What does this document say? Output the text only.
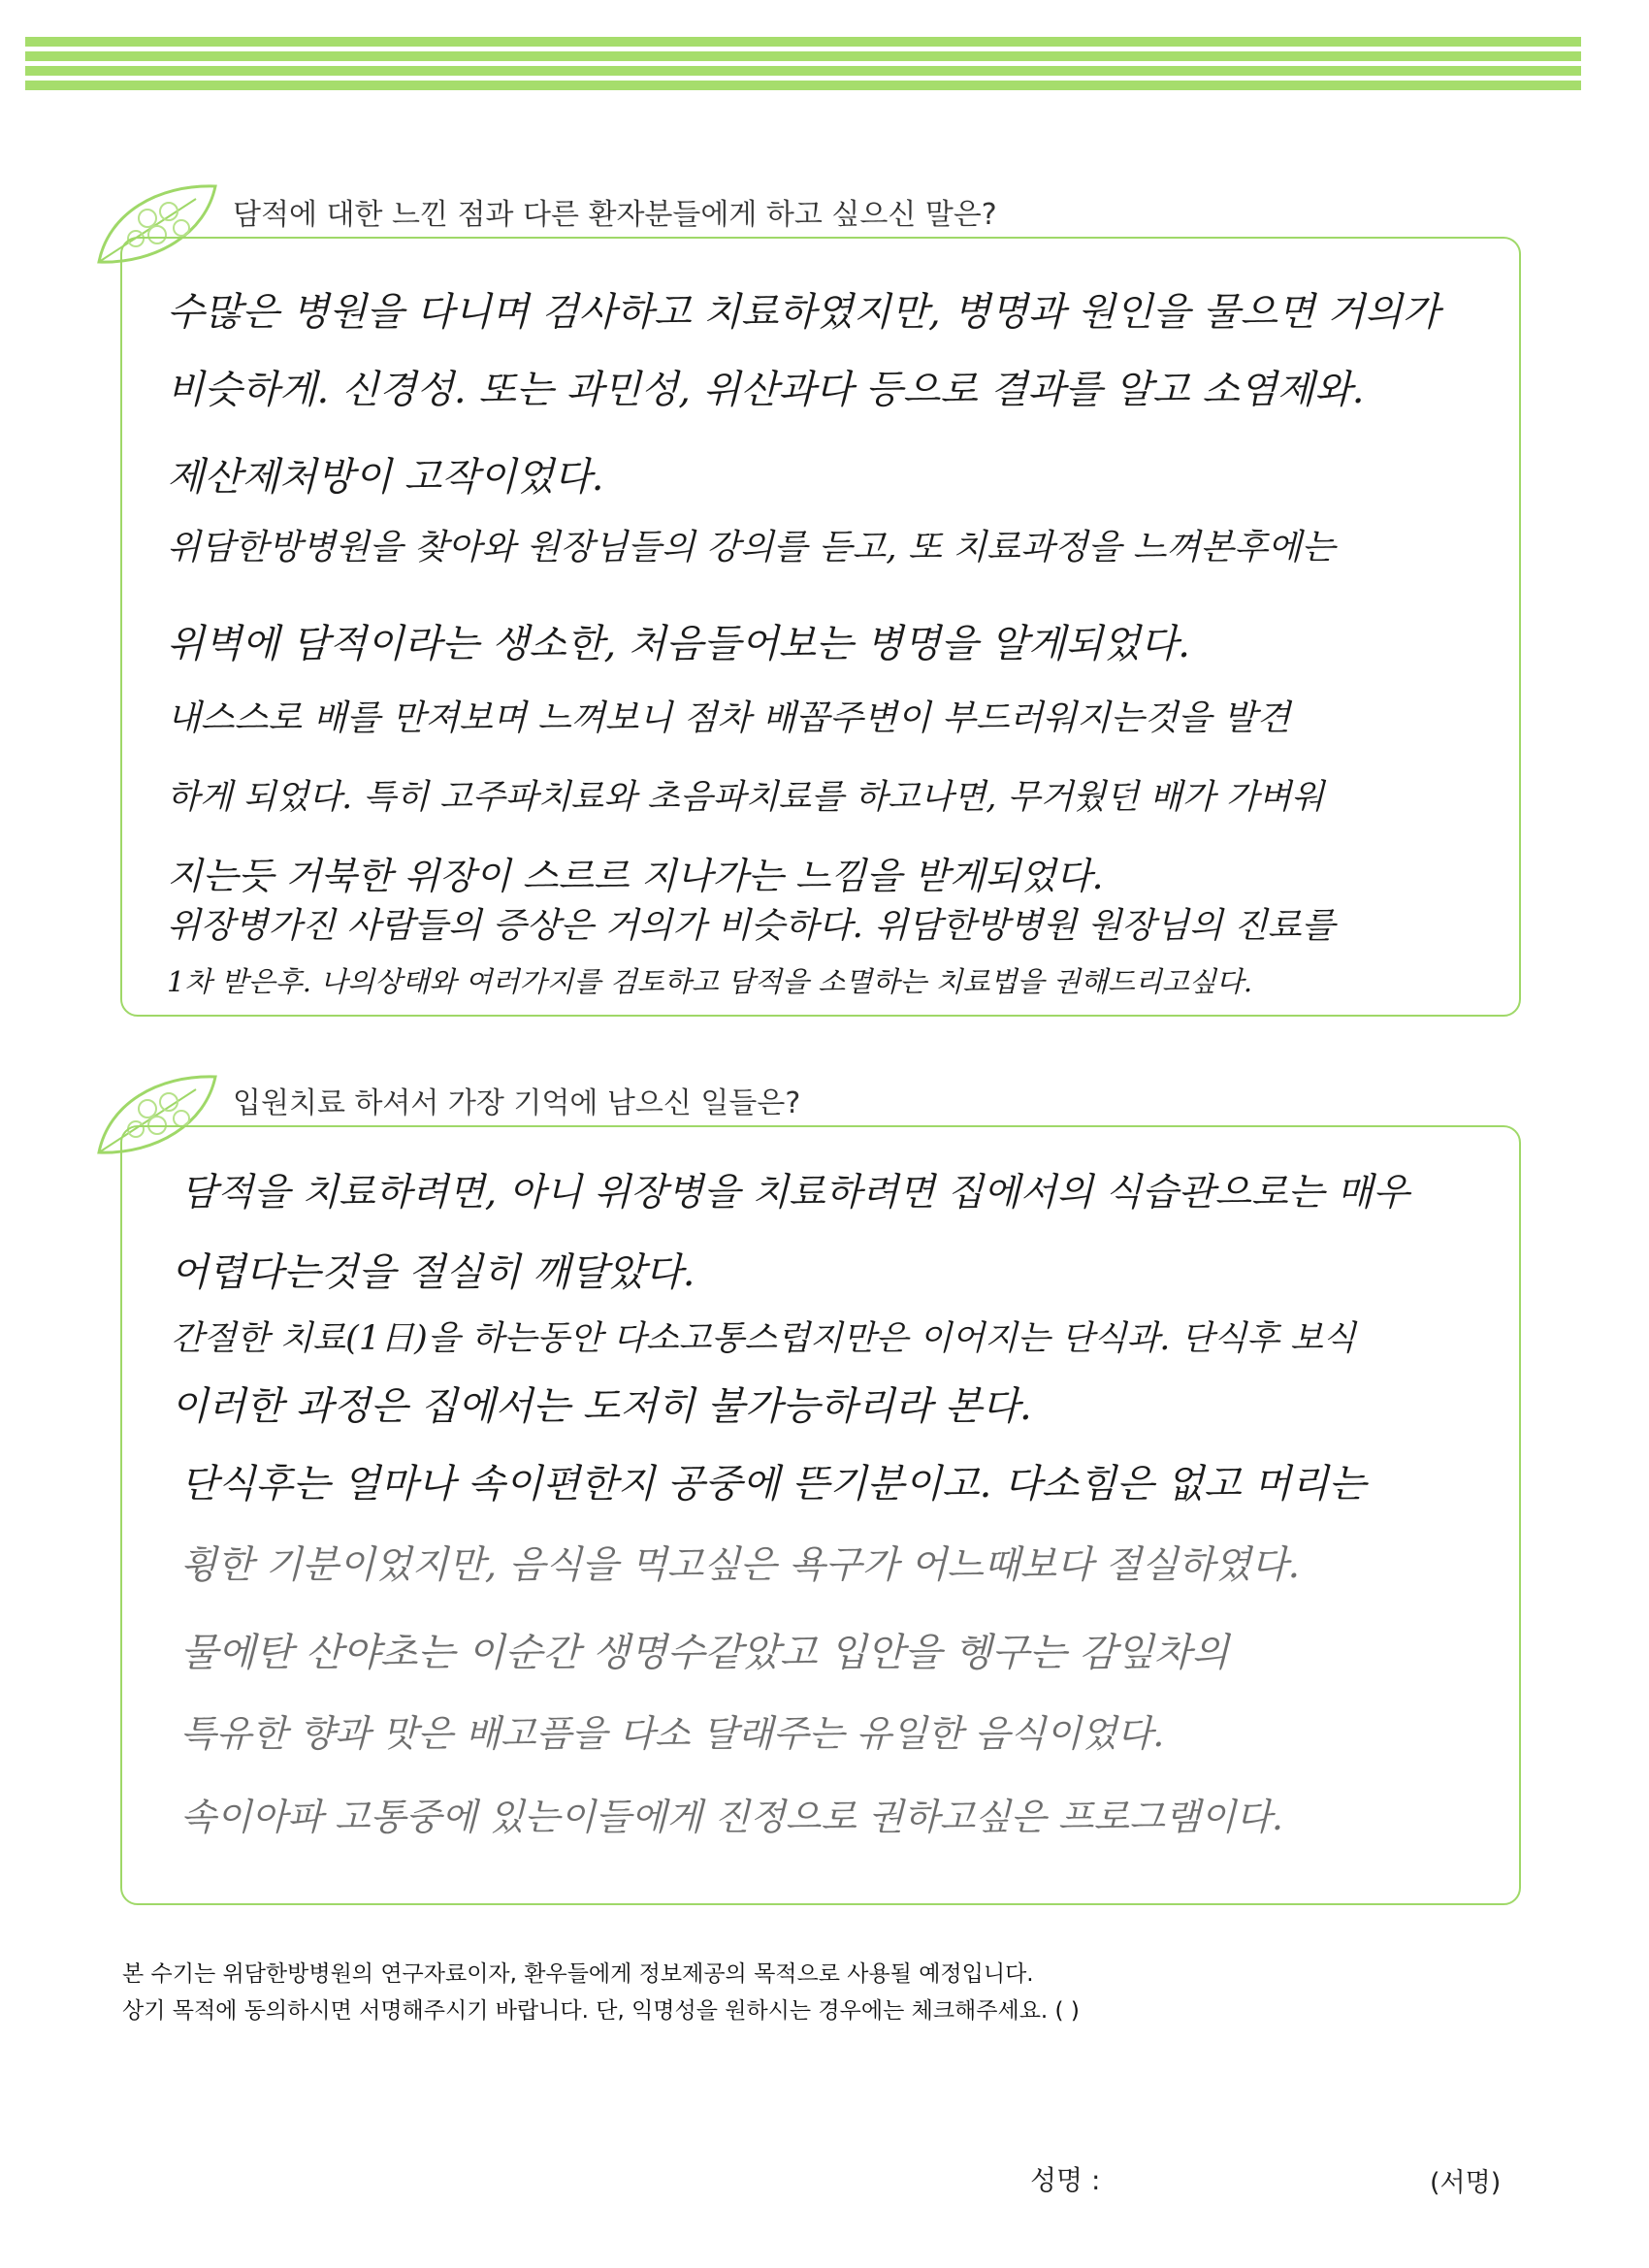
담적에 대한 느낀 점과 다른 환자분들에게 하고 싶으신 말은?
수많은 병원을 다니며 검사하고 치료하였지만, 병명과 원인을 물으면 거의가
비슷하게. 신경성. 또는 과민성, 위산과다 등으로 결과를 알고 소염제와.
제산제처방이 고작이었다.
위담한방병원을 찾아와 원장님들의 강의를 듣고, 또 치료과정을 느껴본후에는
위벽에 담적이라는 생소한, 처음들어보는 병명을 알게되었다.
내스스로 배를 만져보며 느껴보니 점차 배꼽주변이 부드러워지는것을 발견
하게 되었다. 특히 고주파치료와 초음파치료를 하고나면, 무거웠던 배가 가벼워
지는듯 거북한 위장이 스르르 지나가는 느낌을 받게되었다.
위장병가진 사람들의 증상은 거의가 비슷하다. 위담한방병원 원장님의 진료를
1차 받은후. 나의상태와 여러가지를 검토하고 담적을 소멸하는 치료법을 권해드리고싶다.
입원치료 하셔서 가장 기억에 남으신 일들은?
담적을 치료하려면, 아니 위장병을 치료하려면 집에서의 식습관으로는 매우
어렵다는것을 절실히 깨달았다.
간절한 치료(1日)을 하는동안 다소고통스럽지만은 이어지는 단식과. 단식후 보식
이러한 과정은 집에서는 도저히 불가능하리라 본다.
단식후는 얼마나 속이편한지 공중에 뜬기분이고. 다소힘은 없고 머리는
휭한 기분이었지만, 음식을 먹고싶은 욕구가 어느때보다 절실하였다.
물에탄 산야초는 이순간 생명수같았고 입안을 헹구는 감잎차의
특유한 향과 맛은 배고픔을 다소 달래주는 유일한 음식이었다.
속이아파 고통중에 있는이들에게 진정으로 권하고싶은 프로그램이다.
본 수기는 위담한방병원의 연구자료이자, 환우들에게 정보제공의 목적으로 사용될 예정입니다.
상기 목적에 동의하시면 서명해주시기 바랍니다. 단, 익명성을 원하시는 경우에는 체크해주세요. ( )
성명 :	(서명)
